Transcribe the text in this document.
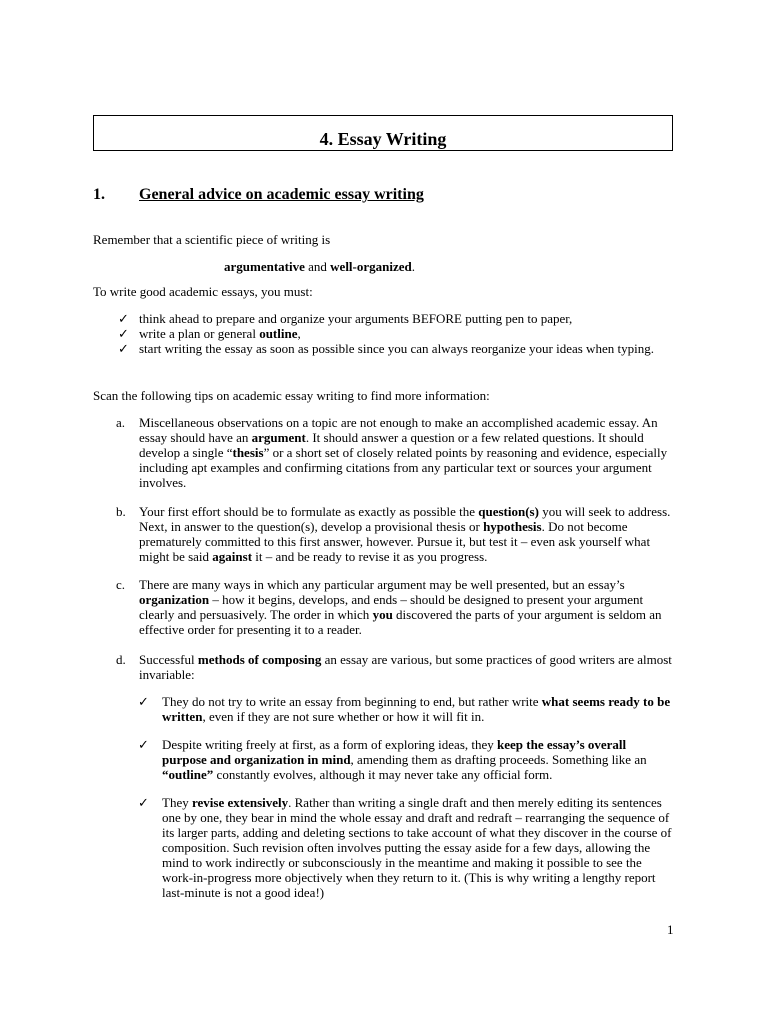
4. Essay Writing
1. General advice on academic essay writing
Remember that a scientific piece of writing is
argumentative and well-organized.
To write good academic essays, you must:
✓ think ahead to prepare and organize your arguments BEFORE putting pen to paper,
✓ write a plan or general outline,
✓ start writing the essay as soon as possible since you can always reorganize your ideas when typing.
Scan the following tips on academic essay writing to find more information:
a. Miscellaneous observations on a topic are not enough to make an accomplished academic essay. An essay should have an argument. It should answer a question or a few related questions. It should develop a single “thesis” or a short set of closely related points by reasoning and evidence, especially including apt examples and confirming citations from any particular text or sources your argument involves.
b. Your first effort should be to formulate as exactly as possible the question(s) you will seek to address. Next, in answer to the question(s), develop a provisional thesis or hypothesis. Do not become prematurely committed to this first answer, however. Pursue it, but test it – even ask yourself what might be said against it – and be ready to revise it as you progress.
c. There are many ways in which any particular argument may be well presented, but an essay’s organization – how it begins, develops, and ends – should be designed to present your argument clearly and persuasively. The order in which you discovered the parts of your argument is seldom an effective order for presenting it to a reader.
d. Successful methods of composing an essay are various, but some practices of good writers are almost invariable:
✓ They do not try to write an essay from beginning to end, but rather write what seems ready to be written, even if they are not sure whether or how it will fit in.
✓ Despite writing freely at first, as a form of exploring ideas, they keep the essay’s overall purpose and organization in mind, amending them as drafting proceeds. Something like an “outline” constantly evolves, although it may never take any official form.
✓ They revise extensively. Rather than writing a single draft and then merely editing its sentences one by one, they bear in mind the whole essay and draft and redraft – rearranging the sequence of its larger parts, adding and deleting sections to take account of what they discover in the course of composition. Such revision often involves putting the essay aside for a few days, allowing the mind to work indirectly or subconsciously in the meantime and making it possible to see the work-in-progress more objectively when they return to it. (This is why writing a lengthy report last-minute is not a good idea!)
1
